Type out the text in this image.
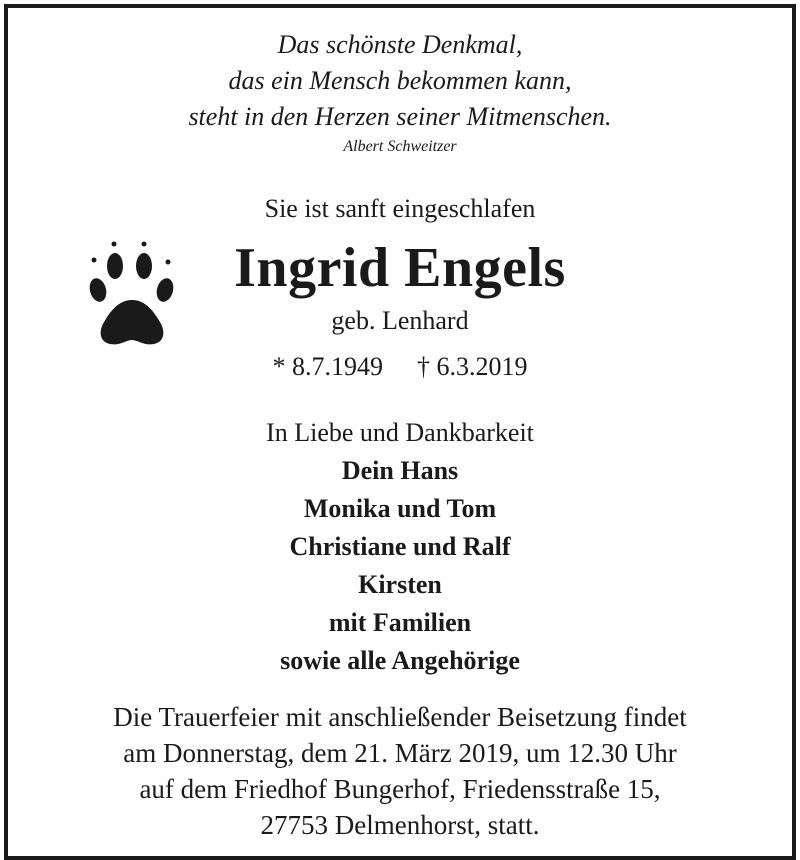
Das schönste Denkmal,
das ein Mensch bekommen kann,
steht in den Herzen seiner Mitmenschen.
Albert Schweitzer
Sie ist sanft eingeschlafen
Ingrid Engels
geb. Lenhard
* 8.7.1949 † 6.3.2019
In Liebe und Dankbarkeit
Dein Hans
Monika und Tom
Christiane und Ralf
Kirsten
mit Familien
sowie alle Angehörige
Die Trauerfeier mit anschließender Beisetzung findet
am Donnerstag, dem 21. März 2019, um 12.30 Uhr
auf dem Friedhof Bungerhof, Friedensstraße 15,
27753 Delmenhorst, statt.
